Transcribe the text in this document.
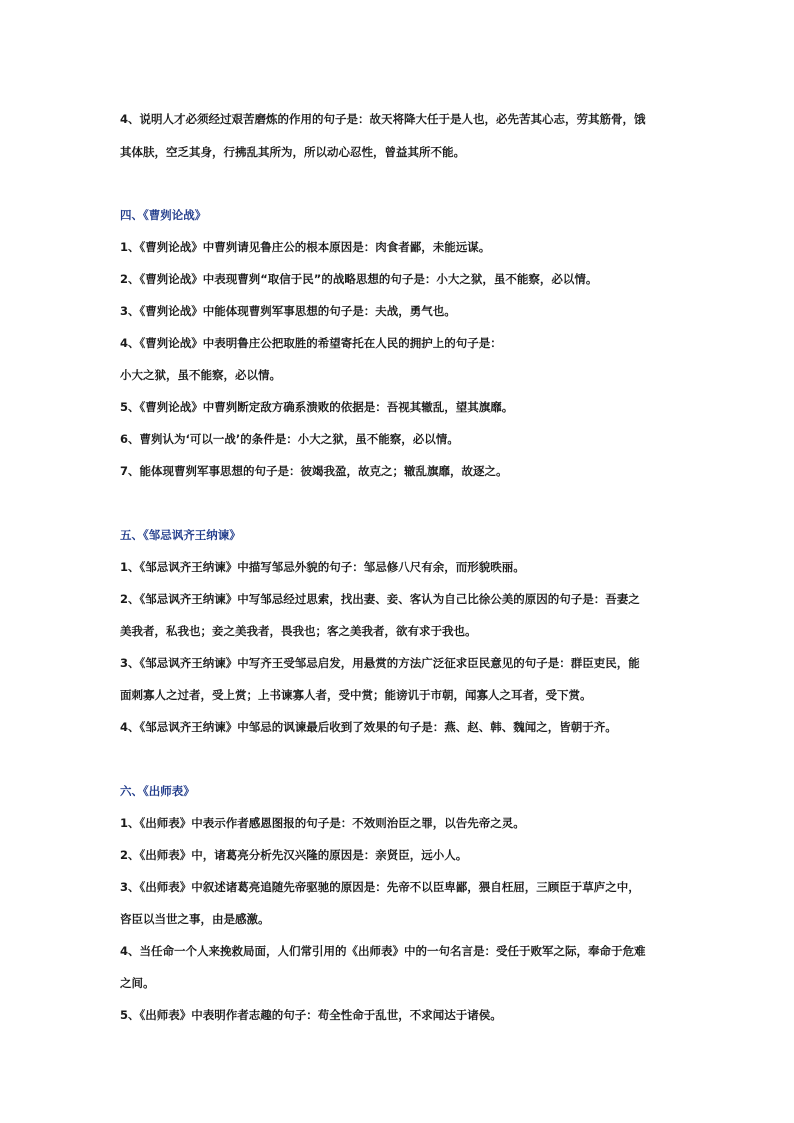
4、说明人才必须经过艰苦磨炼的作用的句子是：故天将降大任于是人也，必先苦其心志，劳其筋骨，饿
其体肤，空乏其身，行拂乱其所为，所以动心忍性，曾益其所不能。
四、《曹刿论战》
1、《曹刿论战》中曹刿请见鲁庄公的根本原因是：肉食者鄙，未能远谋。
2、《曹刿论战》中表现曹刿“取信于民”的战略思想的句子是：小大之狱，虽不能察，必以情。
3、《曹刿论战》中能体现曹刿军事思想的句子是：夫战，勇气也。
4、《曹刿论战》中表明鲁庄公把取胜的希望寄托在人民的拥护上的句子是：
小大之狱，虽不能察，必以情。
5、《曹刿论战》中曹刿断定敌方确系溃败的依据是：吾视其辙乱，望其旗靡。
6、曹刿认为‘可以一战’的条件是：小大之狱，虽不能察，必以情。
7、能体现曹刿军事思想的句子是：彼竭我盈，故克之；辙乱旗靡，故逐之。
五、《邹忌讽齐王纳谏》
1、《邹忌讽齐王纳谏》中描写邹忌外貌的句子：邹忌修八尺有余，而形貌昳丽。
2、《邹忌讽齐王纳谏》中写邹忌经过思索，找出妻、妾、客认为自己比徐公美的原因的句子是：吾妻之
美我者，私我也；妾之美我者，畏我也；客之美我者，欲有求于我也。
3、《邹忌讽齐王纳谏》中写齐王受邹忌启发，用悬赏的方法广泛征求臣民意见的句子是：群臣吏民，能
面刺寡人之过者，受上赏；上书谏寡人者，受中赏；能谤讥于市朝，闻寡人之耳者，受下赏。
4、《邹忌讽齐王纳谏》中邹忌的讽谏最后收到了效果的句子是：燕、赵、韩、魏闻之，皆朝于齐。
六、《出师表》
1、《出师表》中表示作者感恩图报的句子是：不效则治臣之罪，以告先帝之灵。
2、《出师表》中，诸葛亮分析先汉兴隆的原因是：亲贤臣，远小人。
3、《出师表》中叙述诸葛亮追随先帝驱驰的原因是：先帝不以臣卑鄙，猥自枉屈，三顾臣于草庐之中，
咨臣以当世之事，由是感激。
4、当任命一个人来挽救局面，人们常引用的《出师表》中的一句名言是：受任于败军之际，奉命于危难
之间。
5、《出师表》中表明作者志趣的句子：苟全性命于乱世，不求闻达于诸侯。
